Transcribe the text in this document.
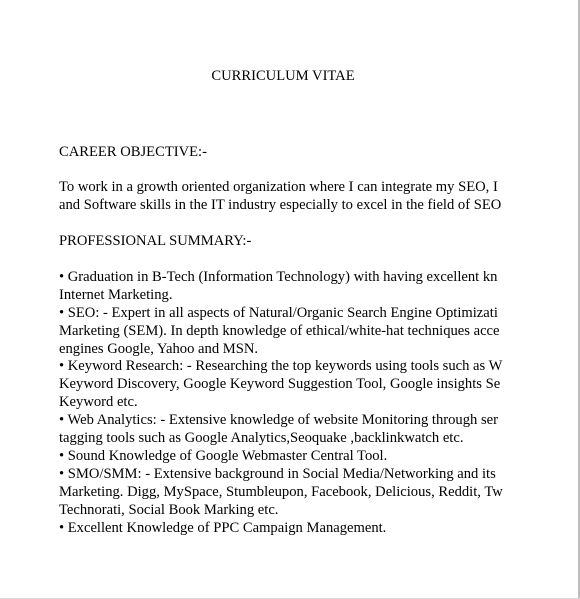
CURRICULUM VITAE
CAREER OBJECTIVE:-
To work in a growth oriented organization where I can integrate my SEO, I
and Software skills in the IT industry especially to excel in the field of SEO
PROFESSIONAL SUMMARY:-
• Graduation in B-Tech (Information Technology) with having excellent kn
Internet Marketing.
• SEO: - Expert in all aspects of Natural/Organic Search Engine Optimizati
Marketing (SEM). In depth knowledge of ethical/white-hat techniques acce
engines Google, Yahoo and MSN.
• Keyword Research: - Researching the top keywords using tools such as W
Keyword Discovery, Google Keyword Suggestion Tool, Google insights Se
Keyword etc.
• Web Analytics: - Extensive knowledge of website Monitoring through ser
tagging tools such as Google Analytics,Seoquake ,backlinkwatch etc.
• Sound Knowledge of Google Webmaster Central Tool.
• SMO/SMM: - Extensive background in Social Media/Networking and its
Marketing. Digg, MySpace, Stumbleupon, Facebook, Delicious, Reddit, Tw
Technorati, Social Book Marking etc.
• Excellent Knowledge of PPC Campaign Management.
